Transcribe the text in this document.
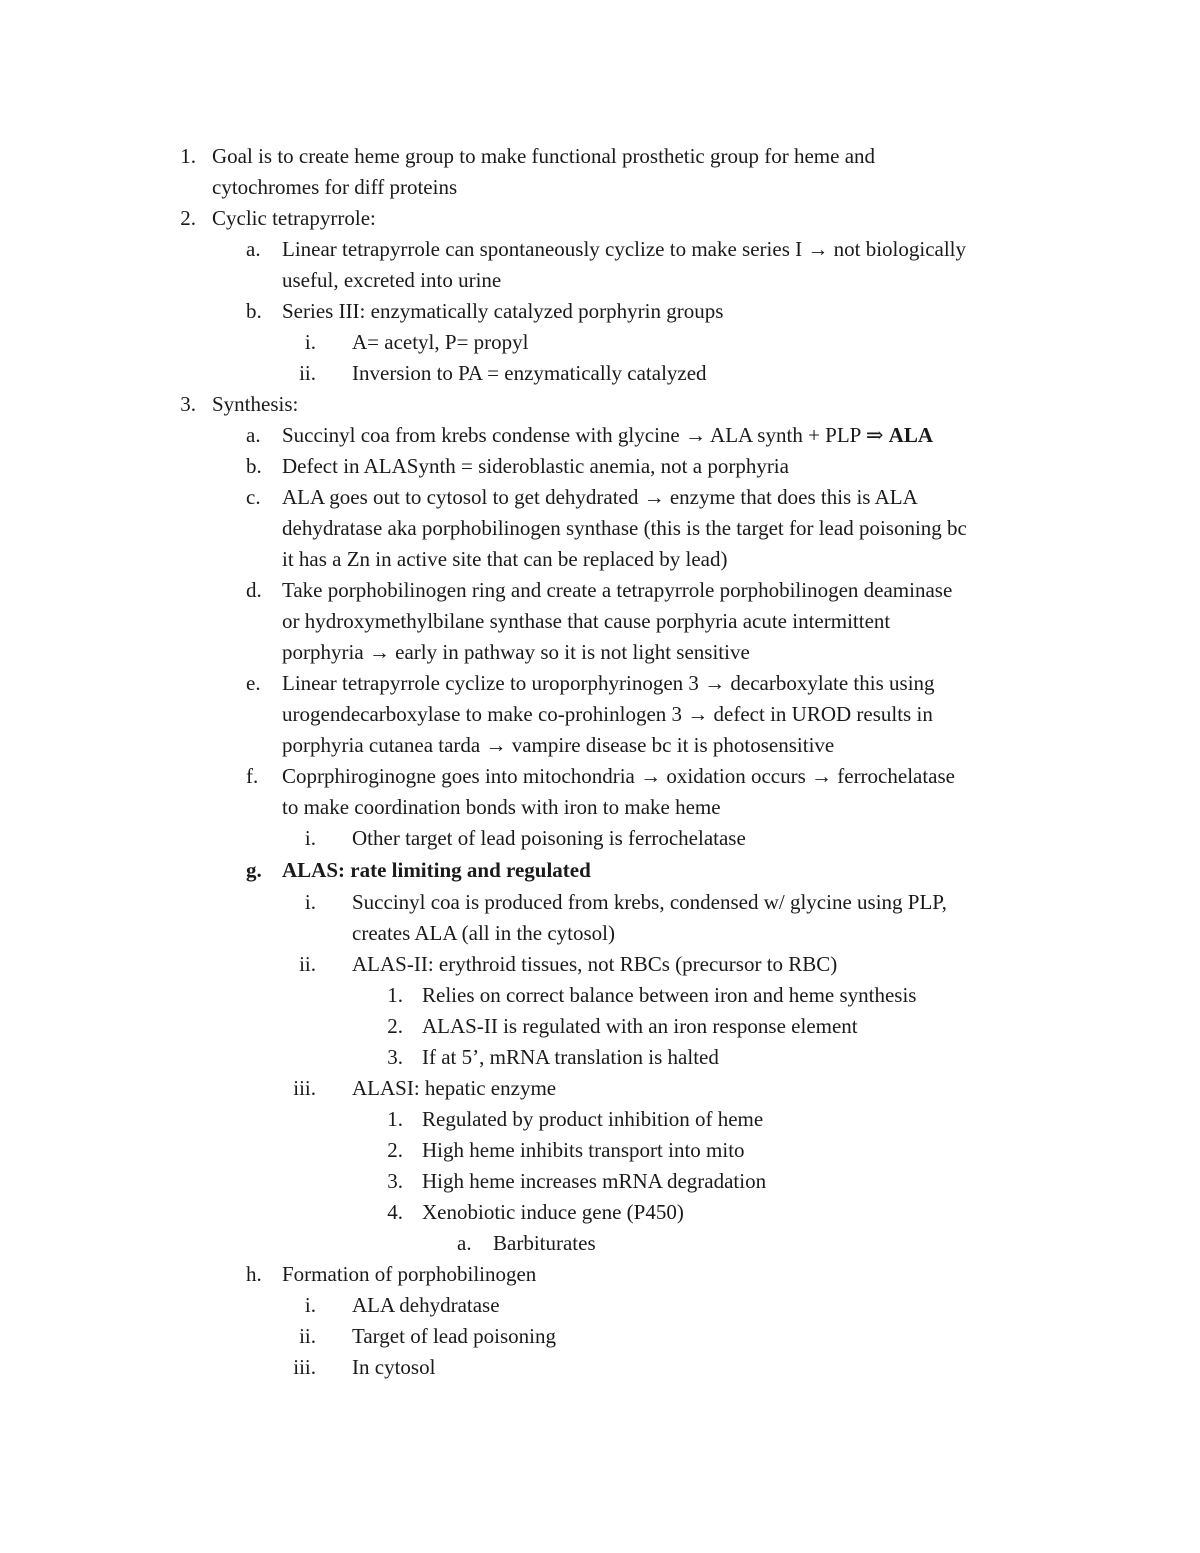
1. Goal is to create heme group to make functional prosthetic group for heme and
cytochromes for diff proteins
2. Cyclic tetrapyrrole:
a. Linear tetrapyrrole can spontaneously cyclize to make series I → not biologically
useful, excreted into urine
b. Series III: enzymatically catalyzed porphyrin groups
i. A= acetyl, P= propyl
ii. Inversion to PA = enzymatically catalyzed
3. Synthesis:
a. Succinyl coa from krebs condense with glycine → ALA synth + PLP ⇒ ALA
b. Defect in ALASynth = sideroblastic anemia, not a porphyria
c. ALA goes out to cytosol to get dehydrated → enzyme that does this is ALA
dehydratase aka porphobilinogen synthase (this is the target for lead poisoning bc
it has a Zn in active site that can be replaced by lead)
d. Take porphobilinogen ring and create a tetrapyrrole porphobilinogen deaminase
or hydroxymethylbilane synthase that cause porphyria acute intermittent
porphyria → early in pathway so it is not light sensitive
e. Linear tetrapyrrole cyclize to uroporphyrinogen 3 → decarboxylate this using
urogendecarboxylase to make co-prohinlogen 3 → defect in UROD results in
porphyria cutanea tarda → vampire disease bc it is photosensitive
f. Coprphiroginogne goes into mitochondria → oxidation occurs → ferrochelatase
to make coordination bonds with iron to make heme
i. Other target of lead poisoning is ferrochelatase
g. ALAS: rate limiting and regulated
i. Succinyl coa is produced from krebs, condensed w/ glycine using PLP,
creates ALA (all in the cytosol)
ii. ALAS-II: erythroid tissues, not RBCs (precursor to RBC)
1. Relies on correct balance between iron and heme synthesis
2. ALAS-II is regulated with an iron response element
3. If at 5’, mRNA translation is halted
iii. ALASI: hepatic enzyme
1. Regulated by product inhibition of heme
2. High heme inhibits transport into mito
3. High heme increases mRNA degradation
4. Xenobiotic induce gene (P450)
a. Barbiturates
h. Formation of porphobilinogen
i. ALA dehydratase
ii. Target of lead poisoning
iii. In cytosol
